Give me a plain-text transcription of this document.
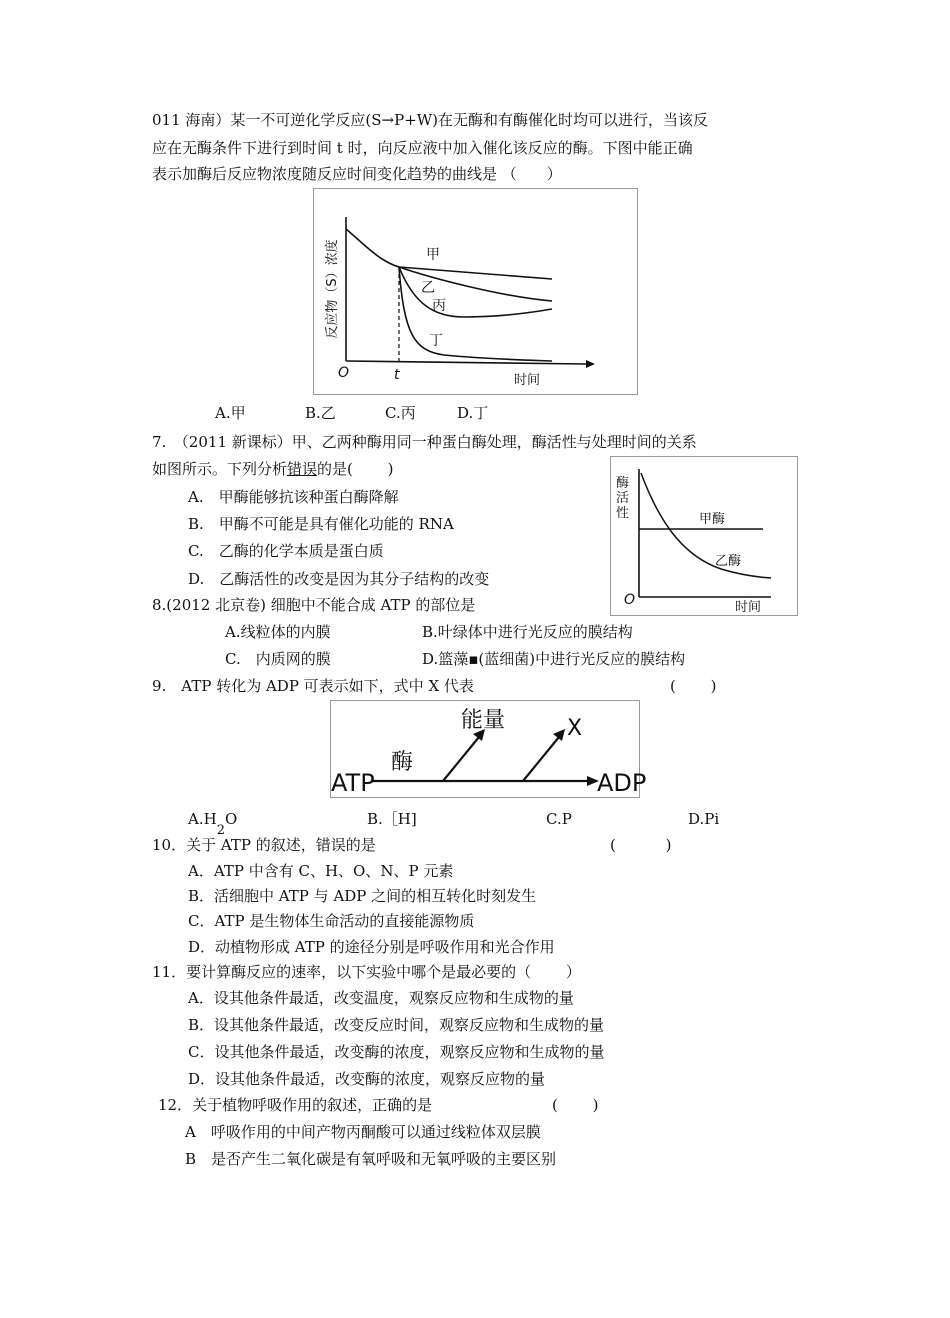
011 海南）某一不可逆化学反应(S→P+W)在无酶和有酶催化时均可以进行，当该反
应在无酶条件下进行到时间 t 时，向反应液中加入催化该反应的酶。下图中能正确
表示加酶后反应物浓度随反应时间变化趋势的曲线是 （　　）
反应物（S）浓度	甲
乙
丙
丁
O	t	时间
A.甲	B.乙	C.丙	D.丁
7.　（2011 新课标）甲、乙两种酶用同一种蛋白酶处理，酶活性与处理时间的关系
如图所示。下列分析错误的是(　　 )
酶
活
性	甲酶
乙酶
O	时间
A.　甲酶能够抗该种蛋白酶降解
B.　甲酶不可能是具有催化功能的 RNA
C.　乙酶的化学本质是蛋白质
D.　乙酶活性的改变是因为其分子结构的改变
8.(2012 北京卷) 细胞中不能合成 ATP 的部位是
A.线粒体的内膜	B.叶绿体中进行光反应的膜结构
C.　内质网的膜	D.篮藻▪(蓝细菌)中进行光反应的膜结构
9.　ATP 转化为 ADP 可表示如下，式中 X 代表	(　　 )
ATP
酶
能量	X
ADP
A.H2O	B.［H]	C.P	D.Pi
10．关于 ATP 的叙述，错误的是	(　　　 )
A．ATP 中含有 C、H、O、N、P 元素
B．活细胞中 ATP 与 ADP 之间的相互转化时刻发生
C．ATP 是生物体生命活动的直接能源物质
D．动植物形成 ATP 的途径分别是呼吸作用和光合作用
11．要计算酶反应的速率，以下实验中哪个是最必要的（　　 ）
A．设其他条件最适，改变温度，观察反应物和生成物的量
B．设其他条件最适，改变反应时间，观察反应物和生成物的量
C．设其他条件最适，改变酶的浓度，观察反应物和生成物的量
D．设其他条件最适，改变酶的浓度，观察反应物的量
12．关于植物呼吸作用的叙述，正确的是	(　　 )
A　呼吸作用的中间产物丙酮酸可以通过线粒体双层膜
B　是否产生二氧化碳是有氧呼吸和无氧呼吸的主要区别
